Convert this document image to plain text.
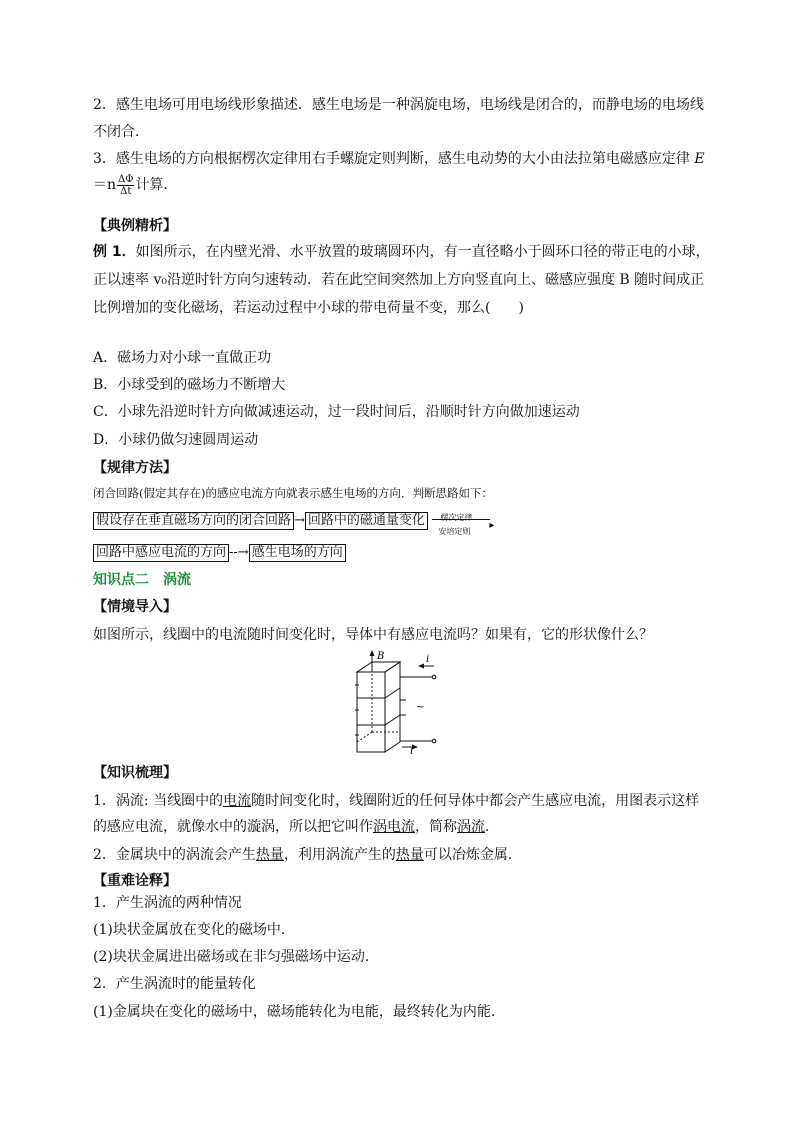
2．感生电场可用电场线形象描述．感生电场是一种涡旋电场，电场线是闭合的，而静电场的电场线
不闭合．
3．感生电场的方向根据楞次定律用右手螺旋定则判断，感生电动势的大小由法拉第电磁感应定律 E
$=n \frac{\Delta\Phi}{\Delta t}$ 计算．
【典例精析】
例 1．如图所示，在内壁光滑、水平放置的玻璃圆环内，有一直径略小于圆环口径的带正电的小球，
正以速率 v₀沿逆时针方向匀速转动．若在此空间突然加上方向竖直向上、磁感应强度 B 随时间成正
比例增加的变化磁场，若运动过程中小球的带电荷量不变，那么(　　)
A．磁场力对小球一直做正功
B．小球受到的磁场力不断增大
C．小球先沿逆时针方向做减速运动，过一段时间后，沿顺时针方向做加速运动
D．小球仍做匀速圆周运动
【规律方法】
闭合回路(假定其存在)的感应电流方向就表示感生电场的方向．判断思路如下：
假设存在垂直磁场方向的闭合回路 → 回路中的磁通量变化 楞次定律
▸
安培定则
回路中感应电流的方向 --→ 感生电场的方向
知识点二　涡流
【情境导入】
如图所示，线圈中的电流随时间变化时，导体中有感应电流吗？如果有，它的形状像什么？
B	i
~
i
【知识梳理】
1．涡流: 当线圈中的电流随时间变化时，线圈附近的任何导体中都会产生感应电流，用图表示这样
的感应电流，就像水中的漩涡，所以把它叫作涡电流，简称涡流．
2．金属块中的涡流会产生热量，利用涡流产生的热量可以冶炼金属．
【重难诠释】
1．产生涡流的两种情况
(1)块状金属放在变化的磁场中．
(2)块状金属进出磁场或在非匀强磁场中运动．
2．产生涡流时的能量转化
(1)金属块在变化的磁场中，磁场能转化为电能，最终转化为内能．
